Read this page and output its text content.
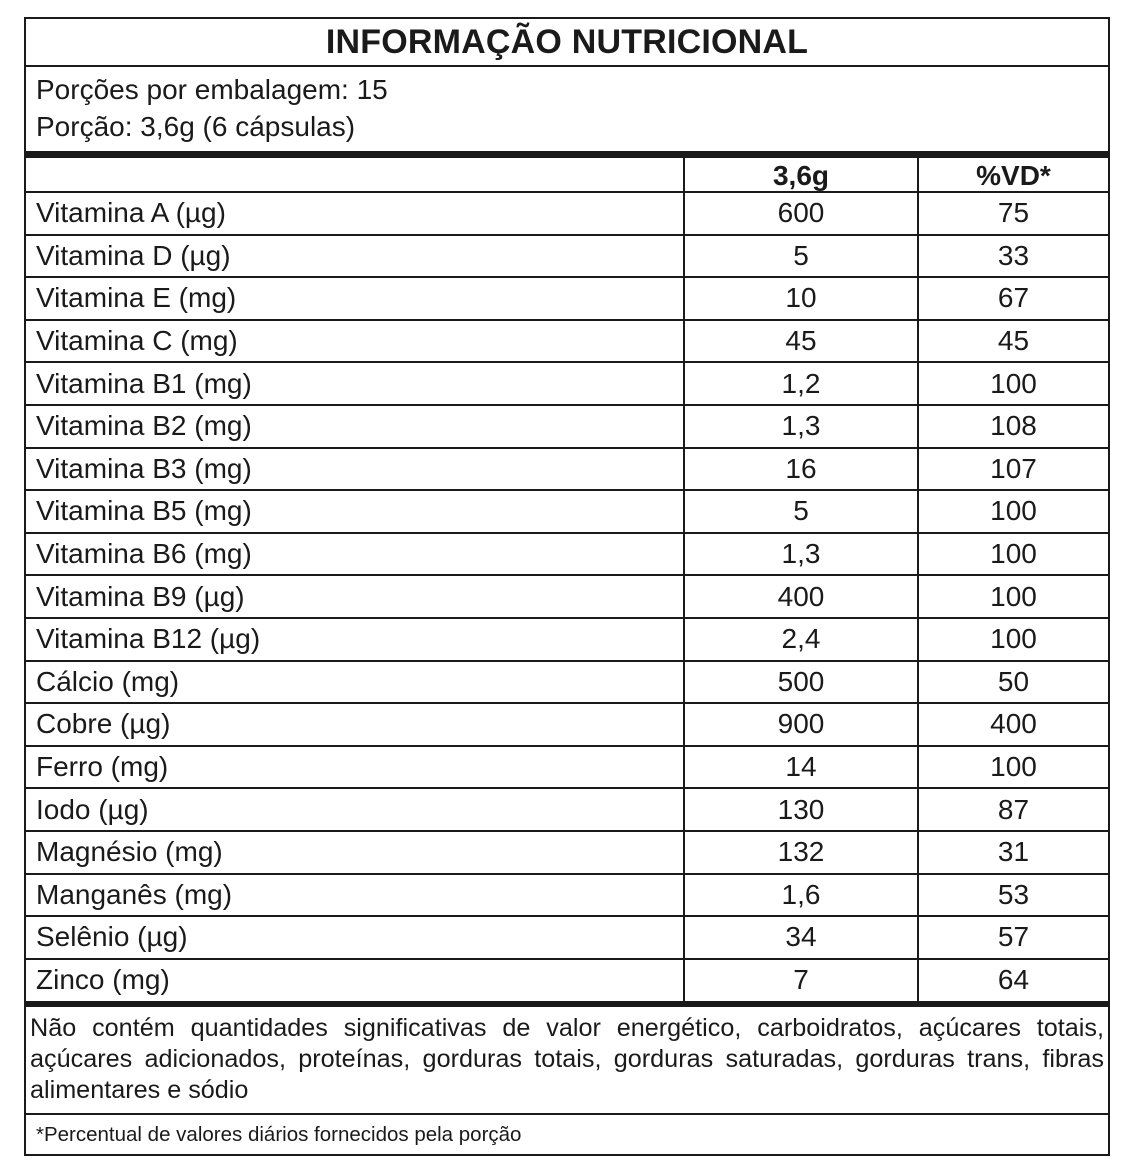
INFORMAÇÃO NUTRICIONAL
Porções por embalagem: 15
Porção: 3,6g (6 cápsulas)
	3,6g	%VD*
Vitamina A (µg)	600	75
Vitamina D (µg)	5	33
Vitamina E (mg)	10	67
Vitamina C (mg)	45	45
Vitamina B1 (mg)	1,2	100
Vitamina B2 (mg)	1,3	108
Vitamina B3 (mg)	16	107
Vitamina B5 (mg)	5	100
Vitamina B6 (mg)	1,3	100
Vitamina B9 (µg)	400	100
Vitamina B12 (µg)	2,4	100
Cálcio (mg)	500	50
Cobre (µg)	900	400
Ferro (mg)	14	100
Iodo (µg)	130	87
Magnésio (mg)	132	31
Manganês (mg)	1,6	53
Selênio (µg)	34	57
Zinco (mg)	7	64
Não contém quantidades significativas de valor energético, carboidratos, açúcares totais, açúcares adicionados, proteínas, gorduras totais, gorduras saturadas, gorduras trans, fibras alimentares e sódio
*Percentual de valores diários fornecidos pela porção
